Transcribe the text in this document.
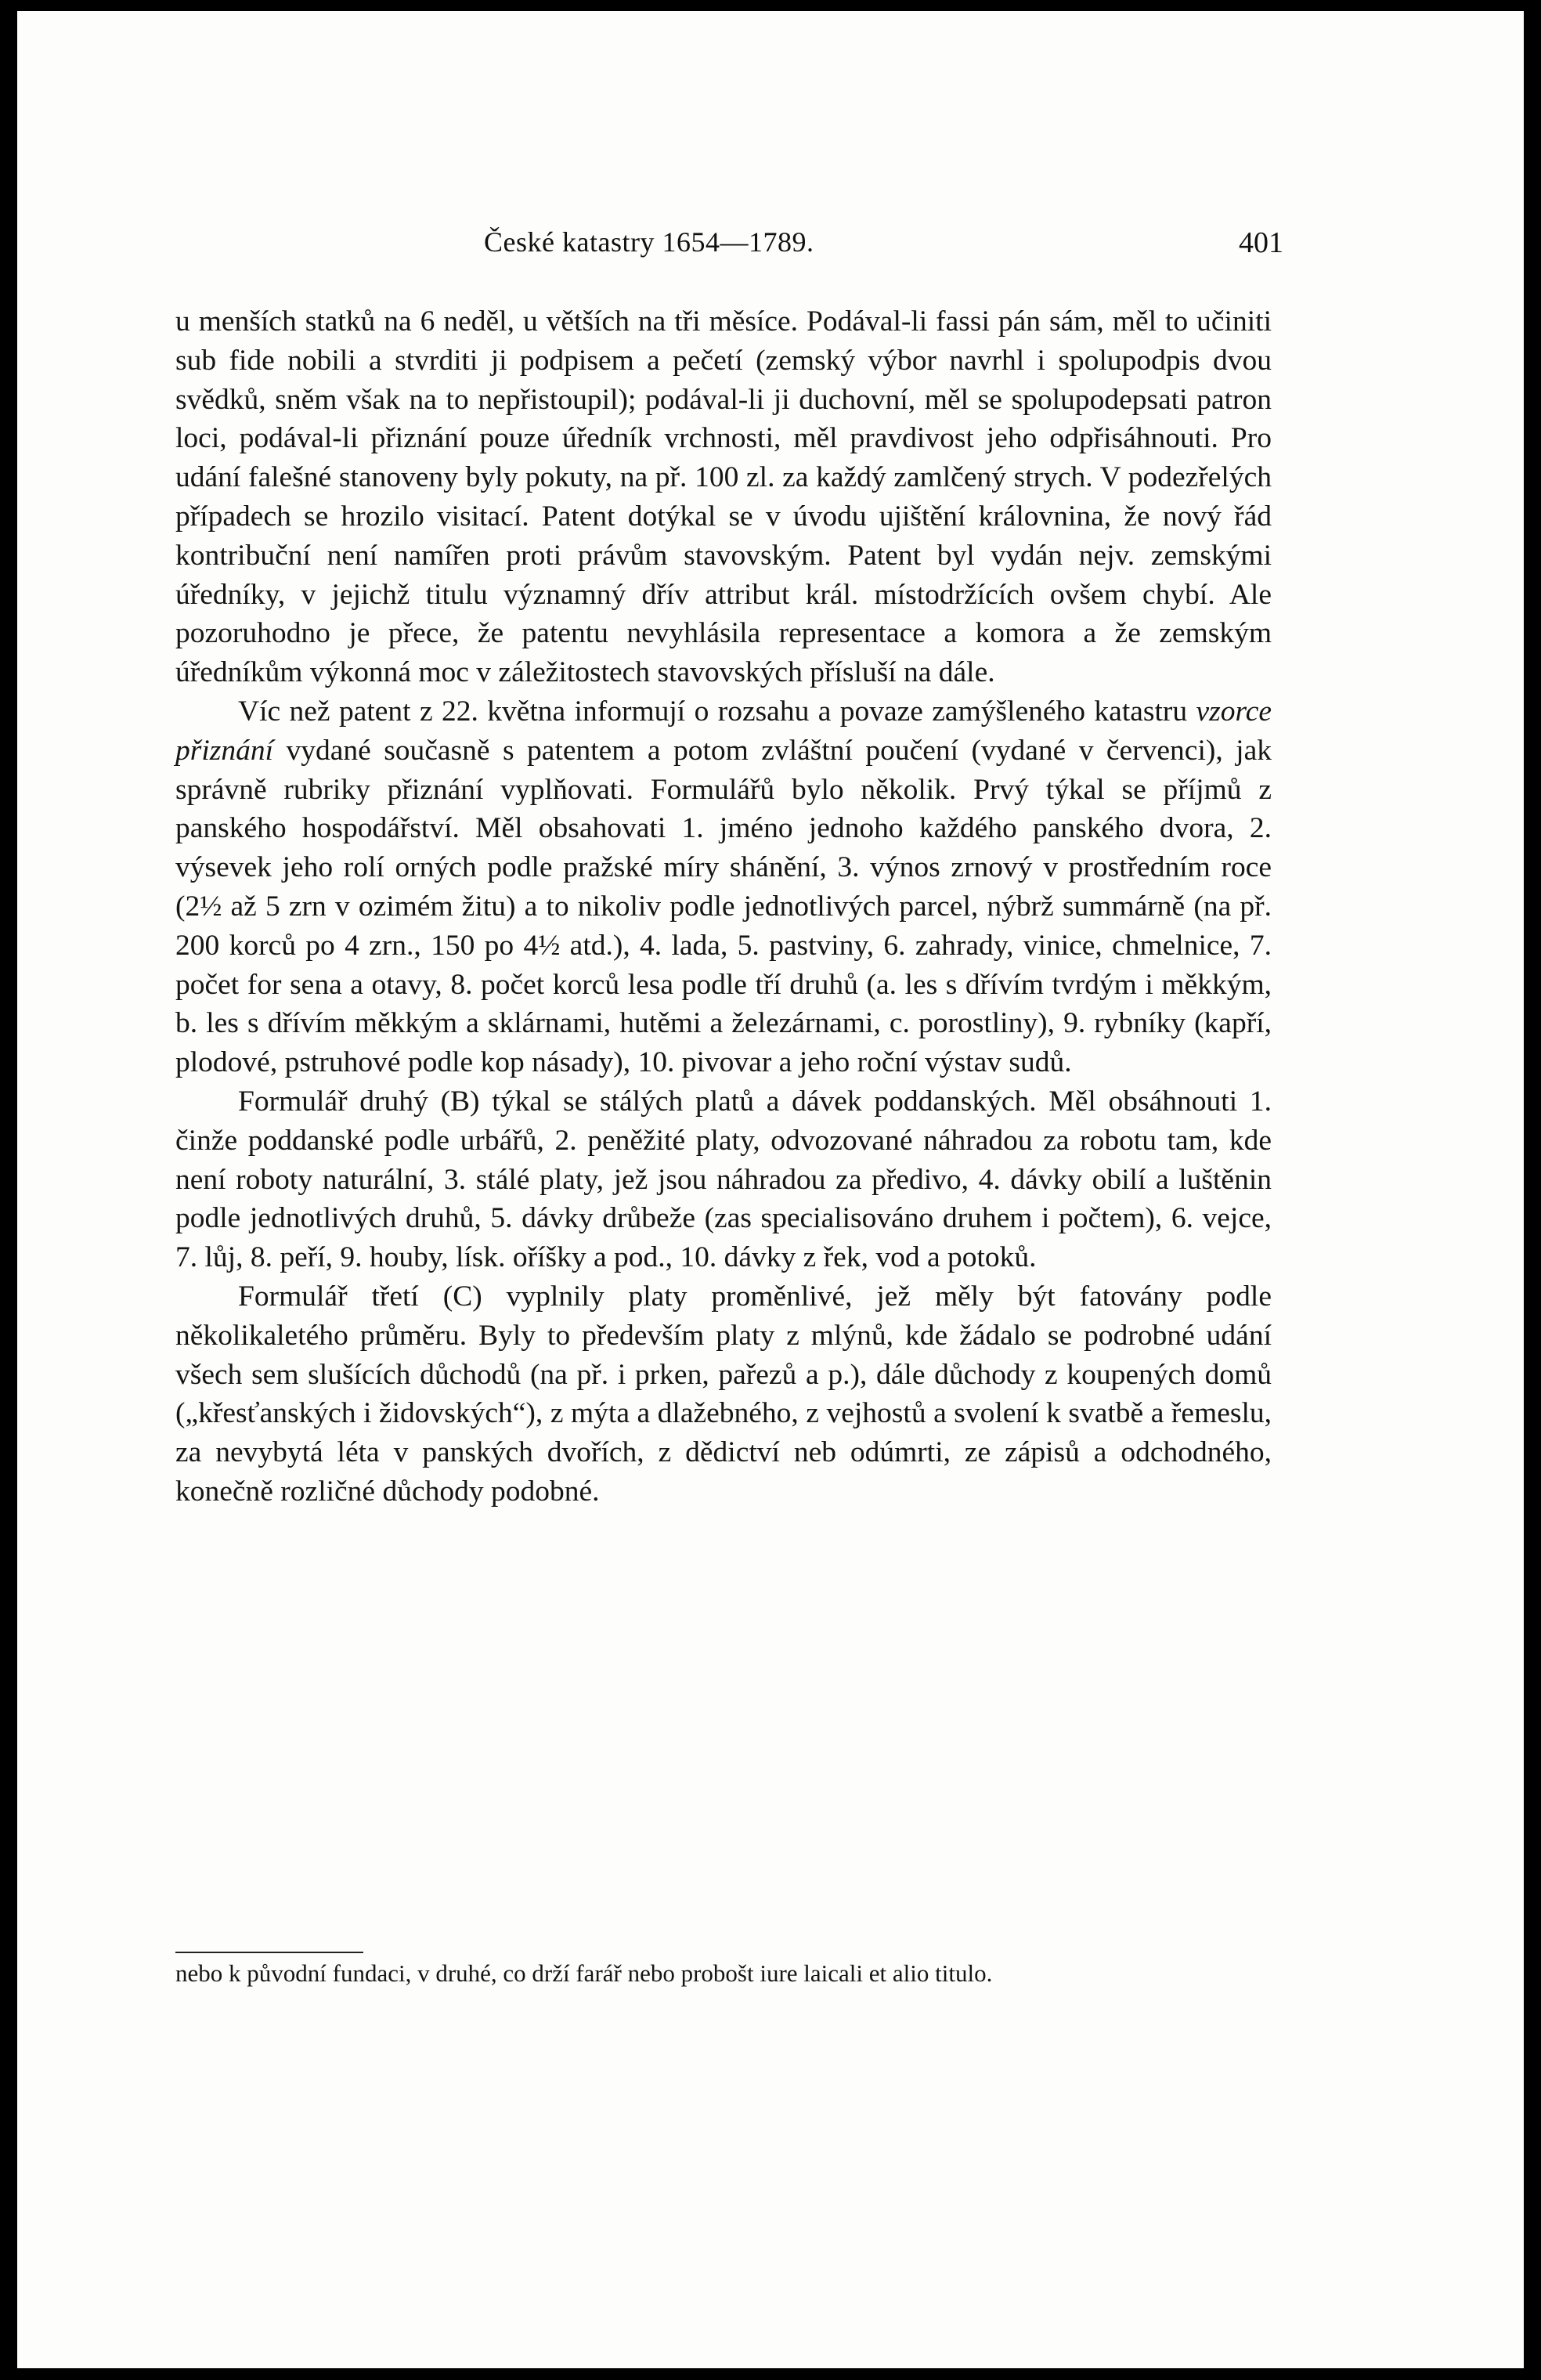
České katastry 1654—1789.	401

u menších statků na 6 neděl, u větších na tři měsíce. Podával-li fassi pán sám, měl to učiniti sub fide nobili a stvrditi ji podpisem a pečetí (zemský výbor navrhl i spolupodpis dvou svědků, sněm však na to nepřistoupil); podával-li ji duchovní, měl se spolupodepsati patron loci, podával-li přiznání pouze úředník vrchnosti, měl pravdivost jeho odpřisáhnouti. Pro udání falešné stanoveny byly pokuty, na př. 100 zl. za každý zamlčený strych. V podezřelých případech se hrozilo visitací. Patent dotýkal se v úvodu ujištění královnina, že nový řád kontribuční není namířen proti právům stavovským. Patent byl vydán nejv. zemskými úředníky, v jejichž titulu významný dřív attribut král. místodržících ovšem chybí. Ale pozoruhodno je přece, že patentu nevyhlásila representace a komora a že zemským úředníkům výkonná moc v záležitostech stavovských přísluší na dále.

Víc než patent z 22. května informují o rozsahu a povaze zamýšleného katastru vzorce přiznání vydané současně s patentem a potom zvláštní poučení (vydané v červenci), jak správně rubriky přiznání vyplňovati. Formulářů bylo několik. Prvý týkal se příjmů z panského hospodářství. Měl obsahovati 1. jméno jednoho každého panského dvora, 2. výsevek jeho rolí orných podle pražské míry shánění, 3. výnos zrnový v prostředním roce (2½ až 5 zrn v ozimém žitu) a to nikoliv podle jednotlivých parcel, nýbrž summárně (na př. 200 korců po 4 zrn., 150 po 4½ atd.), 4. lada, 5. pastviny, 6. zahrady, vinice, chmelnice, 7. počet for sena a otavy, 8. počet korců lesa podle tří druhů (a. les s dřívím tvrdým i měkkým, b. les s dřívím měkkým a sklárnami, hutěmi a železárnami, c. porostliny), 9. rybníky (kapří, plodové, pstruhové podle kop násady), 10. pivovar a jeho roční výstav sudů.

Formulář druhý (B) týkal se stálých platů a dávek poddanských. Měl obsáhnouti 1. činže poddanské podle urbářů, 2. peněžité platy, odvozované náhradou za robotu tam, kde není roboty naturální, 3. stálé platy, jež jsou náhradou za předivo, 4. dávky obilí a luštěnin podle jednotlivých druhů, 5. dávky drůbeže (zas specialisováno druhem i počtem), 6. vejce, 7. lůj, 8. peří, 9. houby, lísk. oříšky a pod., 10. dávky z řek, vod a potoků.

Formulář třetí (C) vyplnily platy proměnlivé, jež měly být fatovány podle několikaletého průměru. Byly to především platy z mlýnů, kde žádalo se podrobné udání všech sem slušících důchodů (na př. i prken, pařezů a p.), dále důchody z koupených domů („křesťanských i židovských“), z mýta a dlažebného, z vejhostů a svolení k svatbě a řemeslu, za nevybytá léta v panských dvořích, z dědictví neb odúmrti, ze zápisů a odchodného, konečně rozličné důchody podobné.

nebo k původní fundaci, v druhé, co drží farář nebo probošt iure laicali et alio titulo.
